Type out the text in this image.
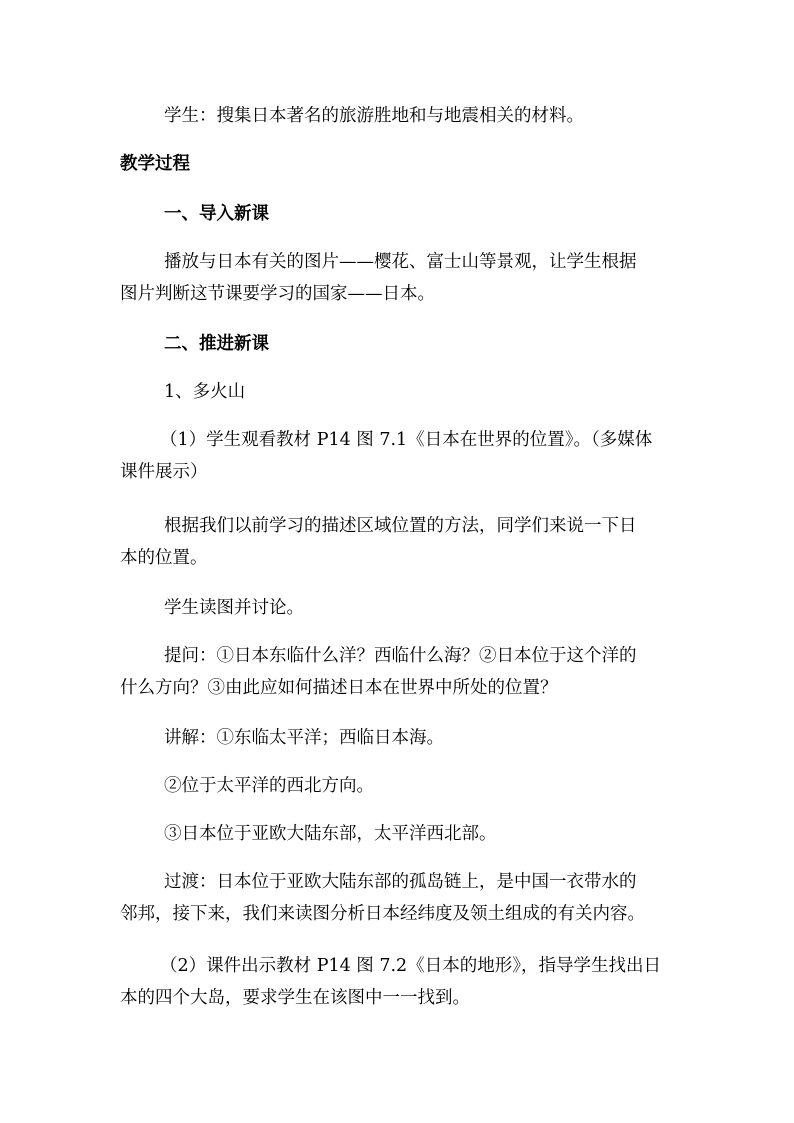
学生：搜集日本著名的旅游胜地和与地震相关的材料。

教学过程

一、导入新课

播放与日本有关的图片——樱花、富士山等景观，让学生根据
图片判断这节课要学习的国家——日本。

二、推进新课

1、多火山

（1）学生观看教材 P14 图 7.1《日本在世界的位置》。（多媒体
课件展示）

根据我们以前学习的描述区域位置的方法，同学们来说一下日
本的位置。

学生读图并讨论。

提问：①日本东临什么洋？西临什么海？②日本位于这个洋的
什么方向？③由此应如何描述日本在世界中所处的位置？

讲解：①东临太平洋；西临日本海。

②位于太平洋的西北方向。

③日本位于亚欧大陆东部，太平洋西北部。

过渡：日本位于亚欧大陆东部的孤岛链上，是中国一衣带水的
邻邦，接下来，我们来读图分析日本经纬度及领土组成的有关内容。

（2）课件出示教材 P14 图 7.2《日本的地形》，指导学生找出日
本的四个大岛，要求学生在该图中一一找到。
